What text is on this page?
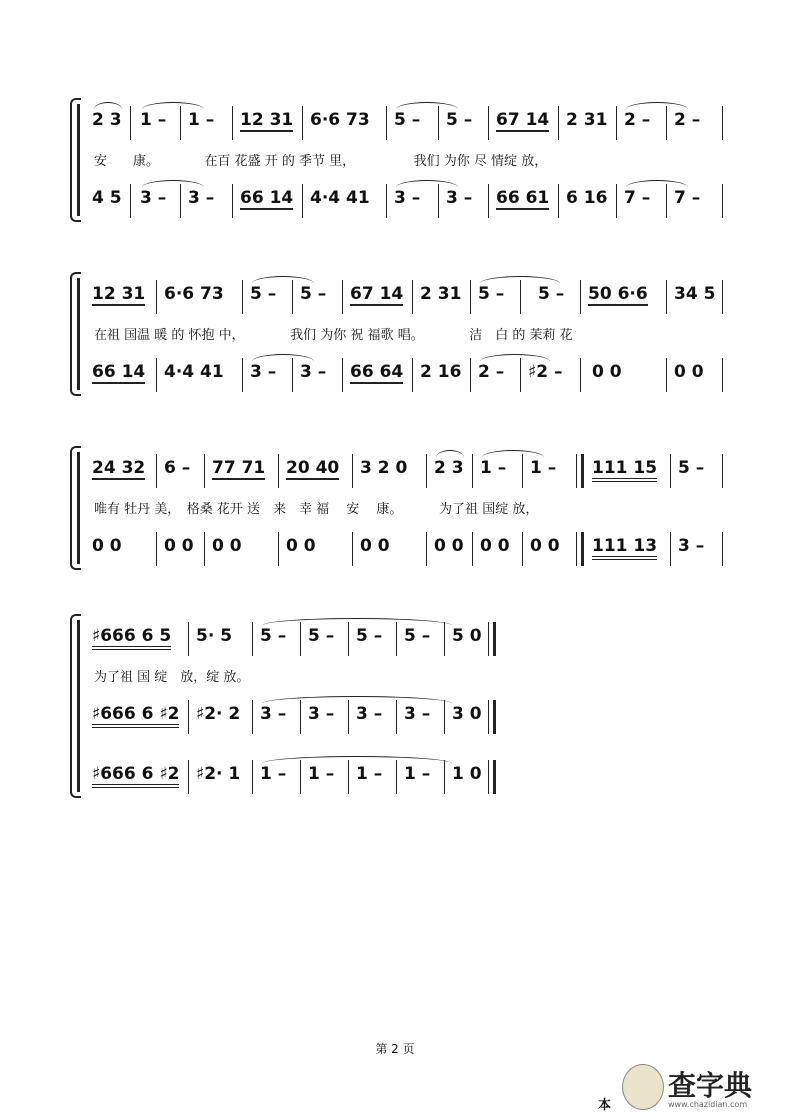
2 3 1 – 1 – 12 31 6·6 73 5 – 5 – 67 14 2 31 2 – 2 –
安　　康。　　　　在百 花盛 开 的 季节 里，　　　　　我们 为你 尽 情绽 放，
4 5 3 – 3 – 66 14 4·4 41 3 – 3 – 66 61 6 16 7 – 7 –
12 31 6·6 73 5 – 5 – 67 14 2 31 5 – 5 – 50 6·6 34 5
在祖 国温 暖 的 怀抱 中，　　　　我们 为你 祝 福歌 唱。　　　　洁　白 的 茉莉 花
66 14 4·4 41 3 – 3 – 66 64 2 16 2 – ♯2 – 0 0	0 0
24 32 6 – 77 71 20 40 3 2 0 2 3 1 – 1 – 111 15 5 –
唯有 牡丹 美，　格桑 花开 送　来　幸 福　 安　 康。　　　 为了祖 国绽 放，
0 0 0 0 0 0	0 0	0 0	0 0 0 0 0 0 111 13 3 –
♯666 6 5 5· 5 5 – 5 – 5 – 5 – 5 0
为了祖 国 绽　放，绽 放。
♯666 6 ♯2 ♯2· 2 3 – 3 – 3 – 3 – 3 0
♯666 6 ♯2 ♯2· 1 1 – 1 – 1 – 1 – 1 0
第 2 页
本
查字典
www.chazidian.com
